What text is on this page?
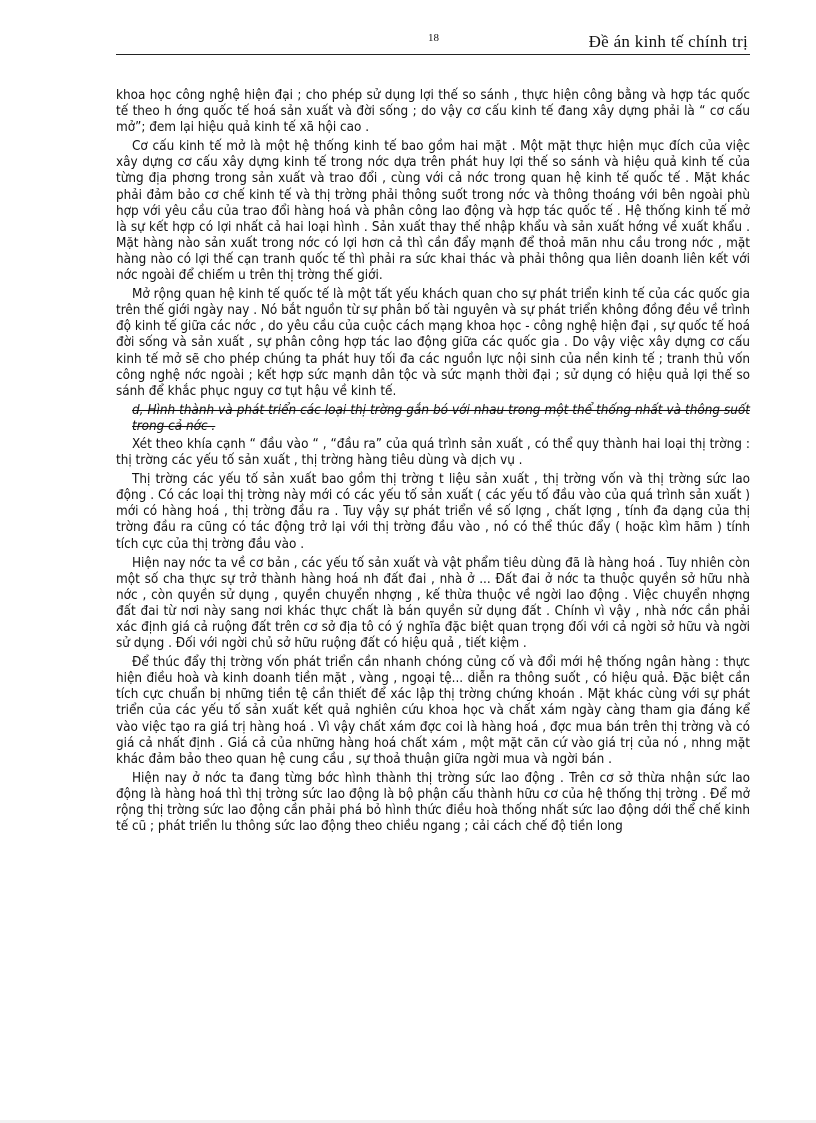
18	Đề án kinh tế chính trị

khoa học công nghệ hiện đại ; cho phép sử dụng lợi thế so sánh , thực hiện công bằng và hợp tác quốc tế theo h ớng quốc tế hoá sản xuất và đời sống ; do vậy cơ cấu kinh tế đang xây dựng phải là “ cơ cấu mở”; đem lại hiệu quả kinh tế xã hội cao .

Cơ cấu kinh tế mở là một hệ thống kinh tế bao gồm hai mặt . Một mặt thực hiện mục đích của việc xây dựng cơ cấu xây dựng kinh tế trong nớc dựa trên phát huy lợi thế so sánh và hiệu quả kinh tế của từng địa phơng trong sản xuất và trao đổi , cùng với cả nớc trong quan hệ kinh tế quốc tế . Mặt khác phải đảm bảo cơ chế kinh tế và thị trờng phải thông suốt trong nớc và thông thoáng với bên ngoài phù hợp với yêu cầu của trao đổi hàng hoá và phân công lao động và hợp tác quốc tế . Hệ thống kinh tế mở là sự kết hợp có lợi nhất cả hai loại hình . Sản xuất thay thế nhập khẩu và sản xuất hớng về xuất khẩu . Mặt hàng nào sản xuất trong nớc có lợi hơn cả thì cần đẩy mạnh để thoả mãn nhu cầu trong nớc , mặt hàng nào có lợi thế cạn tranh quốc tế thì phải ra sức khai thác và phải thông qua liên doanh liên kết với nớc ngoài để chiếm u trên thị trờng thế giới.

Mở rộng quan hệ kinh tế quốc tế là một tất yếu khách quan cho sự phát triển kinh tế của các quốc gia trên thế giới ngày nay . Nó bắt nguồn từ sự phân bố tài nguyên và sự phát triển không đồng đều về trình độ kinh tế giữa các nớc , do yêu cầu của cuộc cách mạng khoa học - công nghệ hiện đại , sự quốc tế hoá đời sống và sản xuất , sự phân công hợp tác lao động giữa các quốc gia . Do vậy việc xây dựng cơ cấu kinh tế mở sẽ cho phép chúng ta phát huy tối đa các nguồn lực nội sinh của nền kinh tế ; tranh thủ vốn công nghệ nớc ngoài ; kết hợp sức mạnh dân tộc và sức mạnh thời đại ; sử dụng có hiệu quả lợi thế so sánh để khắc phục nguy cơ tụt hậu về kinh tế.

d, Hình thành và phát triển các loại thị trờng gắn bó với nhau trong một thể thống nhất và thông suốt trong cả nớc .

Xét theo khía cạnh “ đầu vào “ , “đầu ra” của quá trình sản xuất , có thể quy thành hai loại thị trờng : thị trờng các yếu tố sản xuất , thị trờng hàng tiêu dùng và dịch vụ .

Thị trờng các yếu tố sản xuất bao gồm thị trờng t liệu sản xuất , thị trờng vốn và thị trờng sức lao động . Có các loại thị trờng này mới có các yếu tố sản xuất ( các yếu tố đầu vào của quá trình sản xuất ) mới có hàng hoá , thị trờng đầu ra . Tuy vậy sự phát triển về số lợng , chất lợng , tính đa dạng của thị trờng đầu ra cũng có tác động trở lại với thị trờng đầu vào , nó có thể thúc đẩy ( hoặc kìm hãm ) tính tích cực của thị trờng đầu vào .

Hiện nay nớc ta về cơ bản , các yếu tố sản xuất và vật phẩm tiêu dùng đã là hàng hoá . Tuy nhiên còn một số cha thực sự trở thành hàng hoá nh đất đai , nhà ở ... Đất đai ở nớc ta thuộc quyền sở hữu nhà nớc , còn quyền sử dụng , quyền chuyển nhợng , kế thừa thuộc về ngời lao động . Việc chuyển nhợng đất đai từ nơi này sang nơi khác thực chất là bán quyền sử dụng đất . Chính vì vậy , nhà nớc cần phải xác định giá cả ruộng đất trên cơ sở địa tô có ý nghĩa đặc biệt quan trọng đối với cả ngời sở hữu và ngời sử dụng . Đối với ngời chủ sở hữu ruộng đất có hiệu quả , tiết kiệm .

Để thúc đẩy thị trờng vốn phát triển cần nhanh chóng củng cố và đổi mới hệ thống ngân hàng : thực hiện điều hoà và kinh doanh tiền mặt , vàng , ngoại tệ... diễn ra thông suốt , có hiệu quả. Đặc biệt cần tích cực chuẩn bị những tiền tệ cần thiết để xác lập thị trờng chứng khoán . Mặt khác cùng với sự phát triển của các yếu tố sản xuất kết quả nghiên cứu khoa học và chất xám ngày càng tham gia đáng kể vào việc tạo ra giá trị hàng hoá . Vì vậy chất xám đợc coi là hàng hoá , đợc mua bán trên thị trờng và có giá cả nhất định . Giá cả của những hàng hoá chất xám , một mặt căn cứ vào giá trị của nó , nhng mặt khác đảm bảo theo quan hệ cung cầu , sự thoả thuận giữa ngời mua và ngời bán .

Hiện nay ở nớc ta đang từng bớc hình thành thị trờng sức lao động . Trên cơ sở thừa nhận sức lao động là hàng hoá thì thị trờng sức lao động là bộ phận cấu thành hữu cơ của hệ thống thị trờng . Để mở rộng thị trờng sức lao động cần phải phá bỏ hình thức điều hoà thống nhất sức lao động dới thể chế kinh tế cũ ; phát triển lu thông sức lao động theo chiều ngang ; cải cách chế độ tiền long
